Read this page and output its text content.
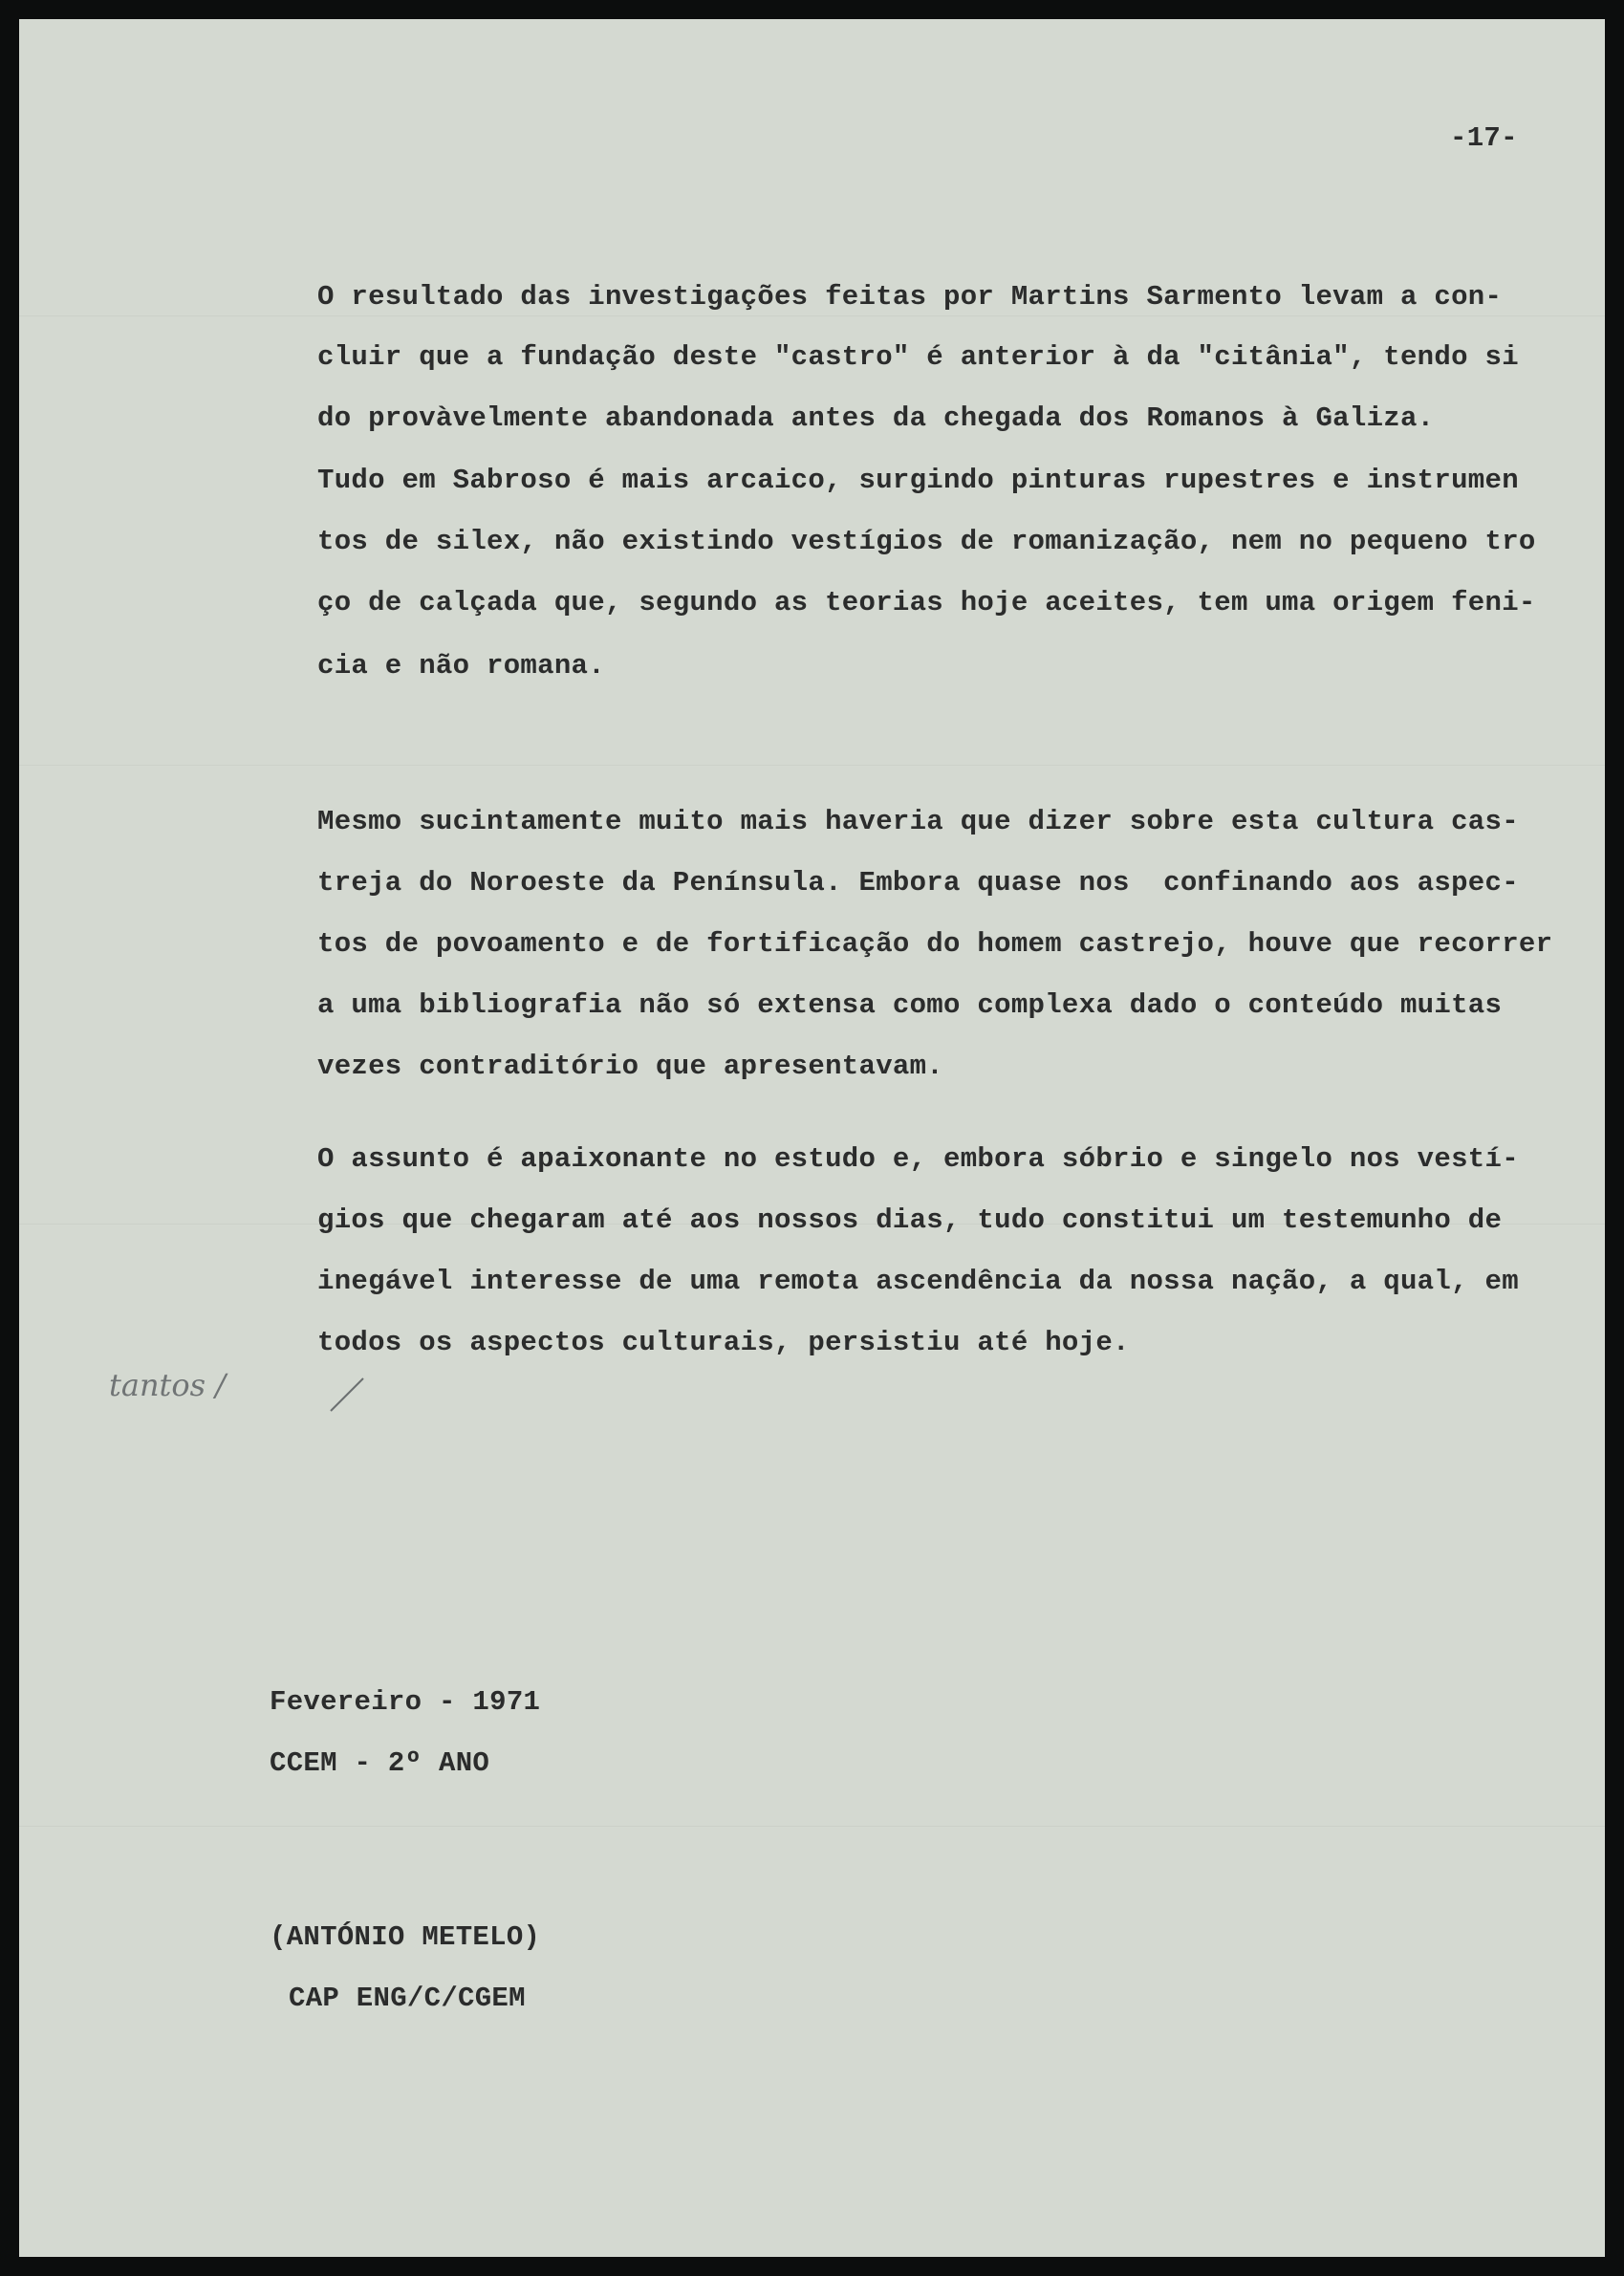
-17-
O resultado das investigações feitas por Martins Sarmento levam a con-
cluir que a fundação deste "castro" é anterior à da "citânia", tendo si
do provàvelmente abandonada antes da chegada dos Romanos à Galiza.
Tudo em Sabroso é mais arcaico, surgindo pinturas rupestres e instrumen
tos de silex, não existindo vestígios de romanização, nem no pequeno tro
ço de calçada que, segundo as teorias hoje aceites, tem uma origem feni-
cia e não romana.
Mesmo sucintamente muito mais haveria que dizer sobre esta cultura cas-
treja do Noroeste da Península. Embora quase nos  confinando aos aspec-
tos de povoamento e de fortificação do homem castrejo, houve que recorrer
a uma bibliografia não só extensa como complexa dado o conteúdo muitas
vezes contraditório que apresentavam.
O assunto é apaixonante no estudo e, embora sóbrio e singelo nos vestí-
gios que chegaram até aos nossos dias, tudo constitui um testemunho de
inegável interesse de uma remota ascendência da nossa nação, a qual, em
todos os aspectos culturais, persistiu até hoje.
tantos /
Fevereiro - 1971
CCEM - 2º ANO
(ANTÓNIO METELO)
CAP ENG/C/CGEM
